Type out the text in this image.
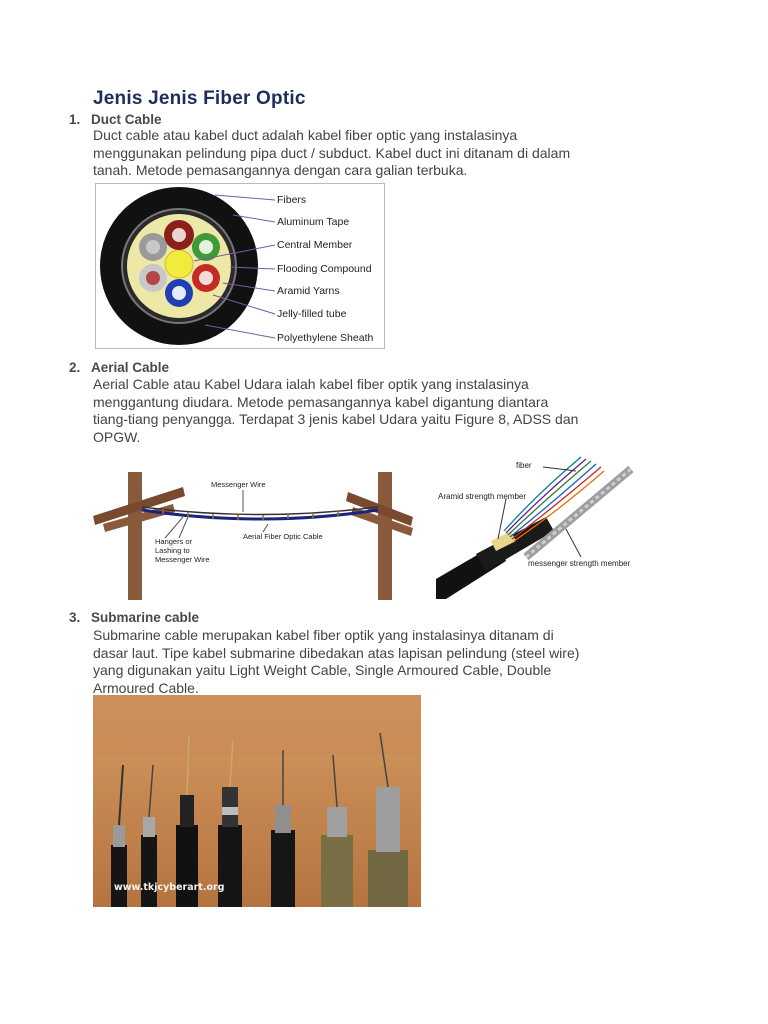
Jenis Jenis Fiber Optic
1. Duct Cable
Duct cable atau kabel duct adalah kabel fiber optic yang instalasinya
menggunakan pelindung pipa duct / subduct. Kabel duct ini ditanam di dalam
tanah. Metode pemasangannya dengan cara galian terbuka.
Fibers
Aluminum Tape
Central Member
Flooding Compound
Aramid Yarns
Jelly-filled tube
Polyethylene Sheath
2. Aerial Cable
Aerial Cable atau Kabel Udara ialah kabel fiber optik yang instalasinya
menggantung diudara. Metode pemasangannya kabel digantung diantara
tiang-tiang penyangga. Terdapat 3 jenis kabel Udara yaitu Figure 8, ADSS dan
OPGW.
Messenger Wire
Aerial Fiber Optic Cable
Hangers or
Lashing to
Messenger Wire
fiber
Aramid strength member
messenger strength member
3. Submarine cable
Submarine cable merupakan kabel fiber optik yang instalasinya ditanam di
dasar laut. Tipe kabel submarine dibedakan atas lapisan pelindung (steel wire)
yang digunakan yaitu Light Weight Cable, Single Armoured Cable, Double
Armoured Cable.
www.tkjcyberart.org
